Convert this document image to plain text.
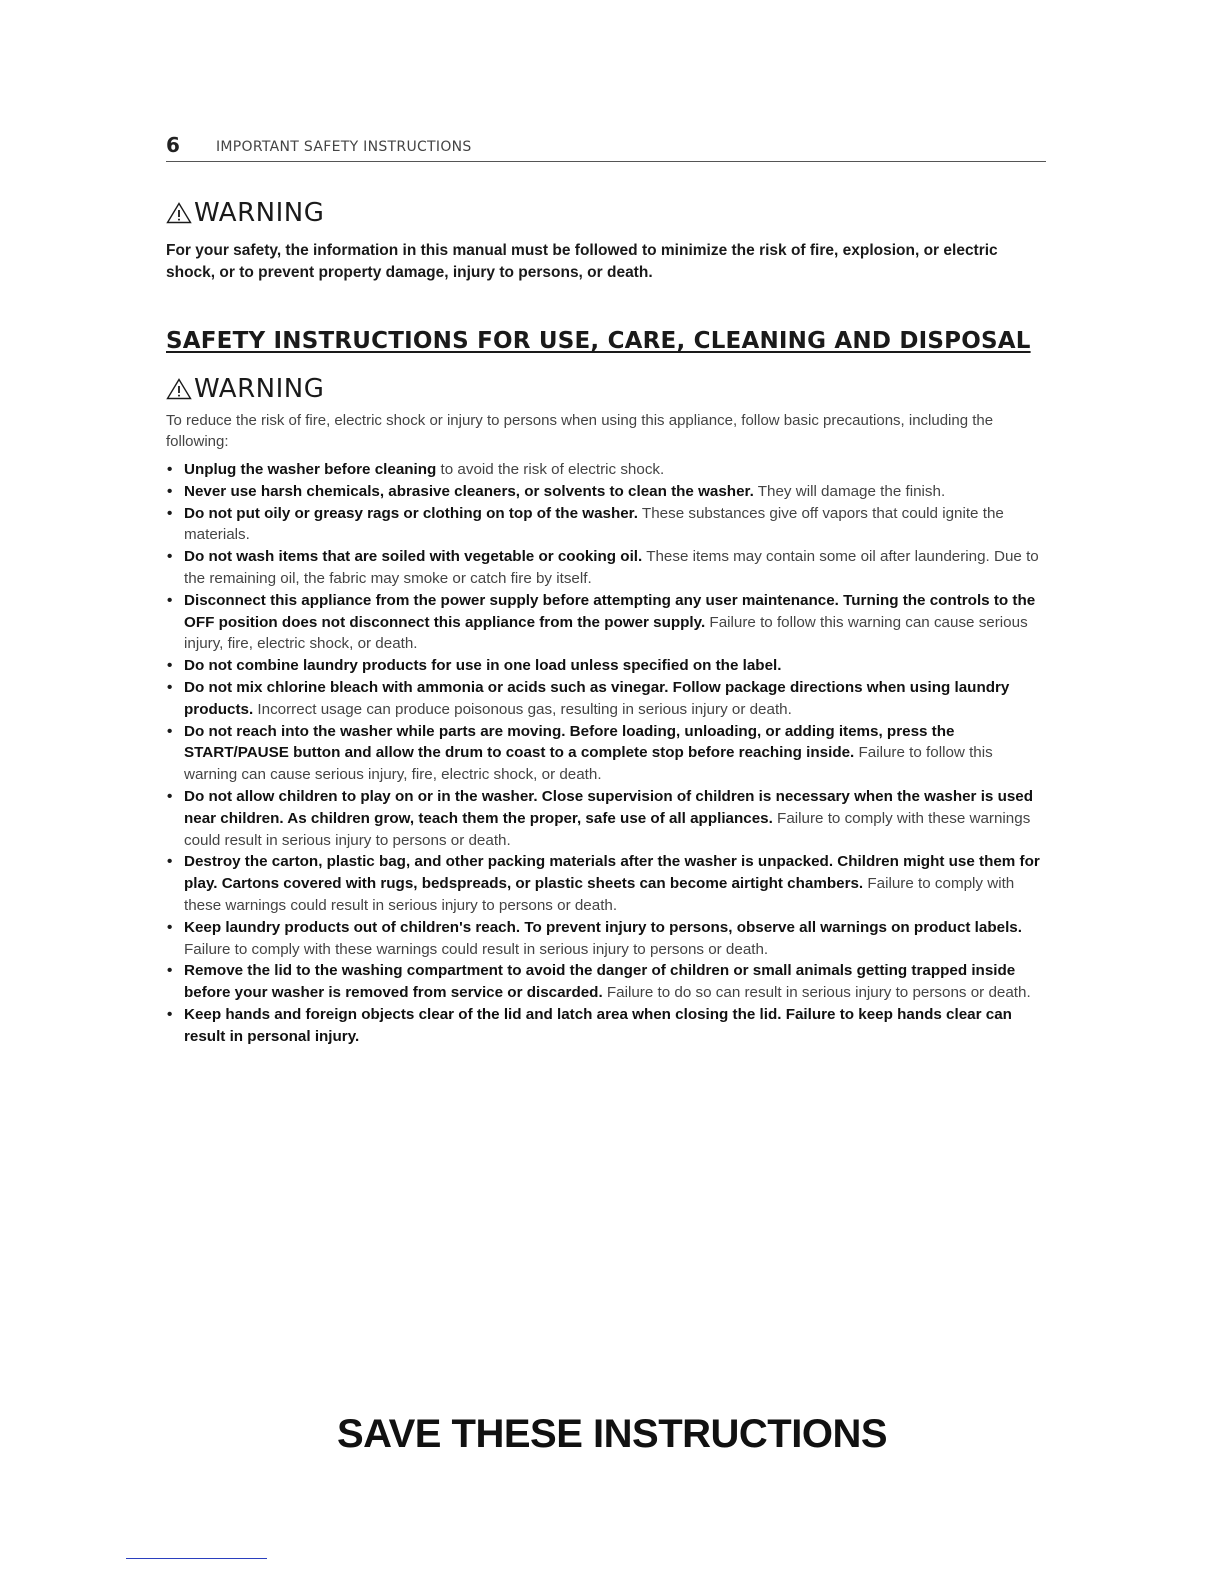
6	IMPORTANT SAFETY INSTRUCTIONS
WARNING

For your safety, the information in this manual must be followed to minimize the risk of fire, explosion, or electric shock, or to prevent property damage, injury to persons, or death.

SAFETY INSTRUCTIONS FOR USE, CARE, CLEANING AND DISPOSAL
WARNING

To reduce the risk of fire, electric shock or injury to persons when using this appliance, follow basic precautions, including the following:

• Unplug the washer before cleaning to avoid the risk of electric shock.
• Never use harsh chemicals, abrasive cleaners, or solvents to clean the washer. They will damage the finish.
• Do not put oily or greasy rags or clothing on top of the washer. These substances give off vapors that could ignite the materials.
• Do not wash items that are soiled with vegetable or cooking oil. These items may contain some oil after laundering. Due to the remaining oil, the fabric may smoke or catch fire by itself.
• Disconnect this appliance from the power supply before attempting any user maintenance. Turning the controls to the OFF position does not disconnect this appliance from the power supply. Failure to follow this warning can cause serious injury, fire, electric shock, or death.
• Do not combine laundry products for use in one load unless specified on the label.
• Do not mix chlorine bleach with ammonia or acids such as vinegar. Follow package directions when using laundry products. Incorrect usage can produce poisonous gas, resulting in serious injury or death.
• Do not reach into the washer while parts are moving. Before loading, unloading, or adding items, press the START/PAUSE button and allow the drum to coast to a complete stop before reaching inside. Failure to follow this warning can cause serious injury, fire, electric shock, or death.
• Do not allow children to play on or in the washer. Close supervision of children is necessary when the washer is used near children. As children grow, teach them the proper, safe use of all appliances. Failure to comply with these warnings could result in serious injury to persons or death.
• Destroy the carton, plastic bag, and other packing materials after the washer is unpacked. Children might use them for play. Cartons covered with rugs, bedspreads, or plastic sheets can become airtight chambers. Failure to comply with these warnings could result in serious injury to persons or death.
• Keep laundry products out of children's reach. To prevent injury to persons, observe all warnings on product labels. Failure to comply with these warnings could result in serious injury to persons or death.
• Remove the lid to the washing compartment to avoid the danger of children or small animals getting trapped inside before your washer is removed from service or discarded. Failure to do so can result in serious injury to persons or death.
• Keep hands and foreign objects clear of the lid and latch area when closing the lid. Failure to keep hands clear can result in personal injury.
SAVE THESE INSTRUCTIONS
